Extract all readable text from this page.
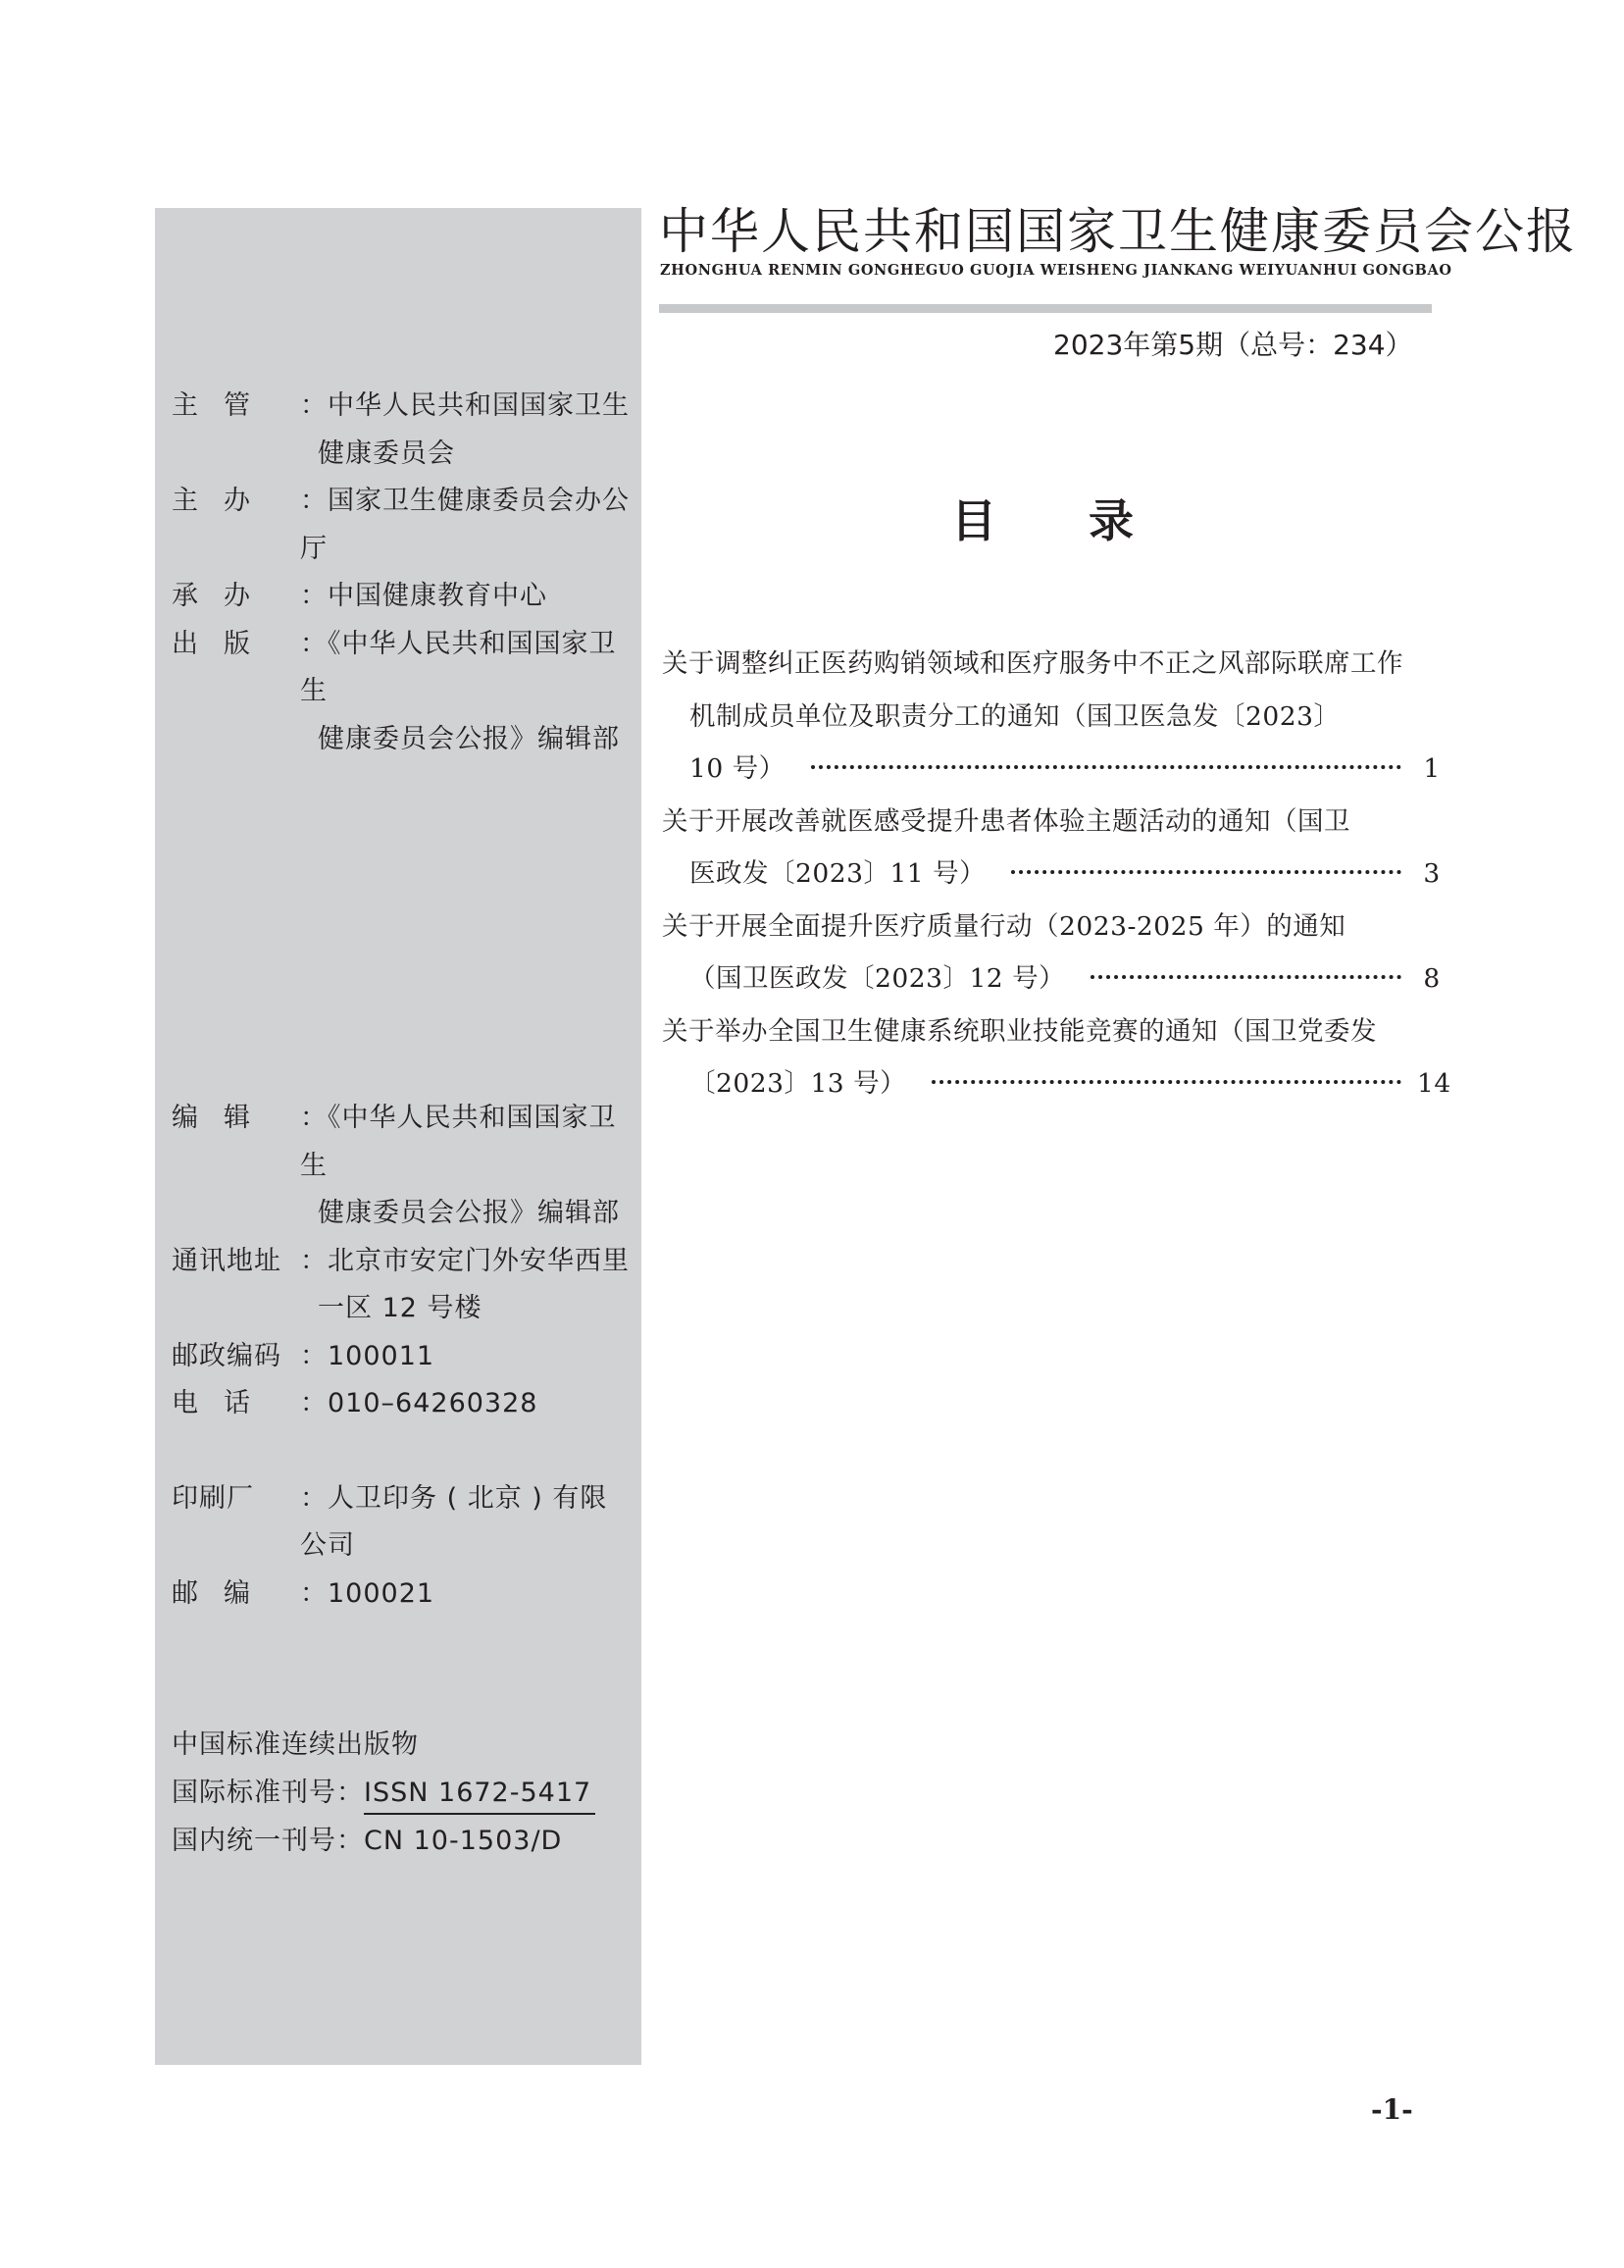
主 管 ：中华人民共和国国家卫生
健康委员会
主 办 ：国家卫生健康委员会办公厅
承 办 ：中国健康教育中心
出 版 ：《中华人民共和国国家卫生
健康委员会公报》编辑部
编 辑 ：《中华人民共和国国家卫生
健康委员会公报》编辑部
通讯地址 ：北京市安定门外安华西里
一区 12 号楼
邮政编码 ：100011
电 话 ：010–64260328
印 刷 厂 ：人卫印务 ( 北京 ) 有限公司
邮 编 ：100021
中国标准连续出版物
国际标准刊号：ISSN 1672-5417
国内统一刊号：CN 10-1503/D
中华人民共和国国家卫生健康委员会公报
ZHONGHUA RENMIN GONGHEGUO GUOJIA WEISHENG JIANKANG WEIYUANHUI GONGBAO
2023年第5期（总号：234）
目 录
关于调整纠正医药购销领域和医疗服务中不正之风部际联席工作
机制成员单位及职责分工的通知（国卫医急发〔2023〕
10 号）	1
关于开展改善就医感受提升患者体验主题活动的通知（国卫
医政发〔2023〕11 号）	3
关于开展全面提升医疗质量行动（2023-2025 年）的通知
（国卫医政发〔2023〕12 号）	8
关于举办全国卫生健康系统职业技能竞赛的通知（国卫党委发
〔2023〕13 号）	14
-1-
